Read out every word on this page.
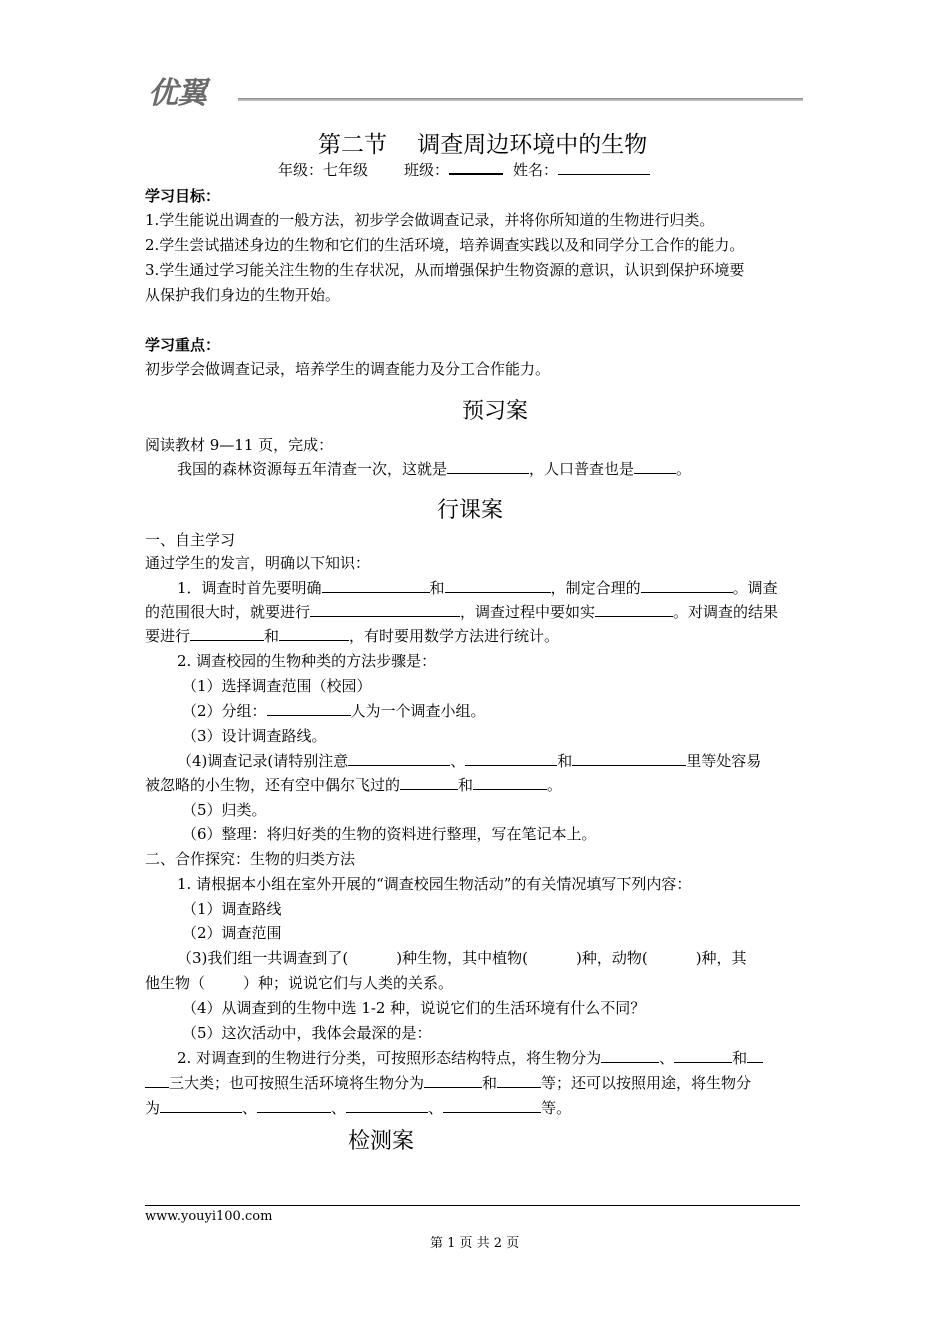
优翼
第二节　 调查周边环境中的生物
年级：七年级 班级：	姓名：
学习目标：
1.学生能说出调查的一般方法，初步学会做调查记录，并将你所知道的生物进行归类。
2.学生尝试描述身边的生物和它们的生活环境，培养调查实践以及和同学分工合作的能力。
3.学生通过学习能关注生物的生存状况，从而增强保护生物资源的意识，认识到保护环境要
从保护我们身边的生物开始。
学习重点：
初步学会做调查记录，培养学生的调查能力及分工合作能力。
预习案
阅读教材 9—11 页，完成：
我国的森林资源每五年清查一次，这就是	，人口普查也是	。
行课案
一、自主学习
通过学生的发言，明确以下知识：
1．调查时首先要明确	和	，制定合理的	。调查
的范围很大时，就要进行	，调查过程中要如实	。对调查的结果
要进行	和	，有时要用数学方法进行统计。
2. 调查校园的生物种类的方法步骤是：
（1）选择调查范围（校园）
（2）分组：	人为一个调查小组。
（3）设计调查路线。
（4)调查记录(请特别注意	、	和	里等处容易
被忽略的小生物，还有空中偶尔飞过的	和	。
（5）归类。
（6）整理：将归好类的生物的资料进行整理，写在笔记本上。
二、合作探究：生物的归类方法
1. 请根据本小组在室外开展的“调查校园生物活动”的有关情况填写下列内容：
（1）调查路线
（2）调查范围
（3)我们组一共调查到了(	)种生物，其中植物(	)种，动物(	)种，其
他生物（	）种；说说它们与人类的关系。
（4）从调查到的生物中选 1-2 种，说说它们的生活环境有什么不同？
（5）这次活动中，我体会最深的是：
2. 对调查到的生物进行分类，可按照形态结构特点，将生物分为	、	和
三大类；也可按照生活环境将生物分为	和	等；还可以按照用途，将生物分
为	、	、	、	等。
检测案
www.youyi100.com
第 1 页 共 2 页
